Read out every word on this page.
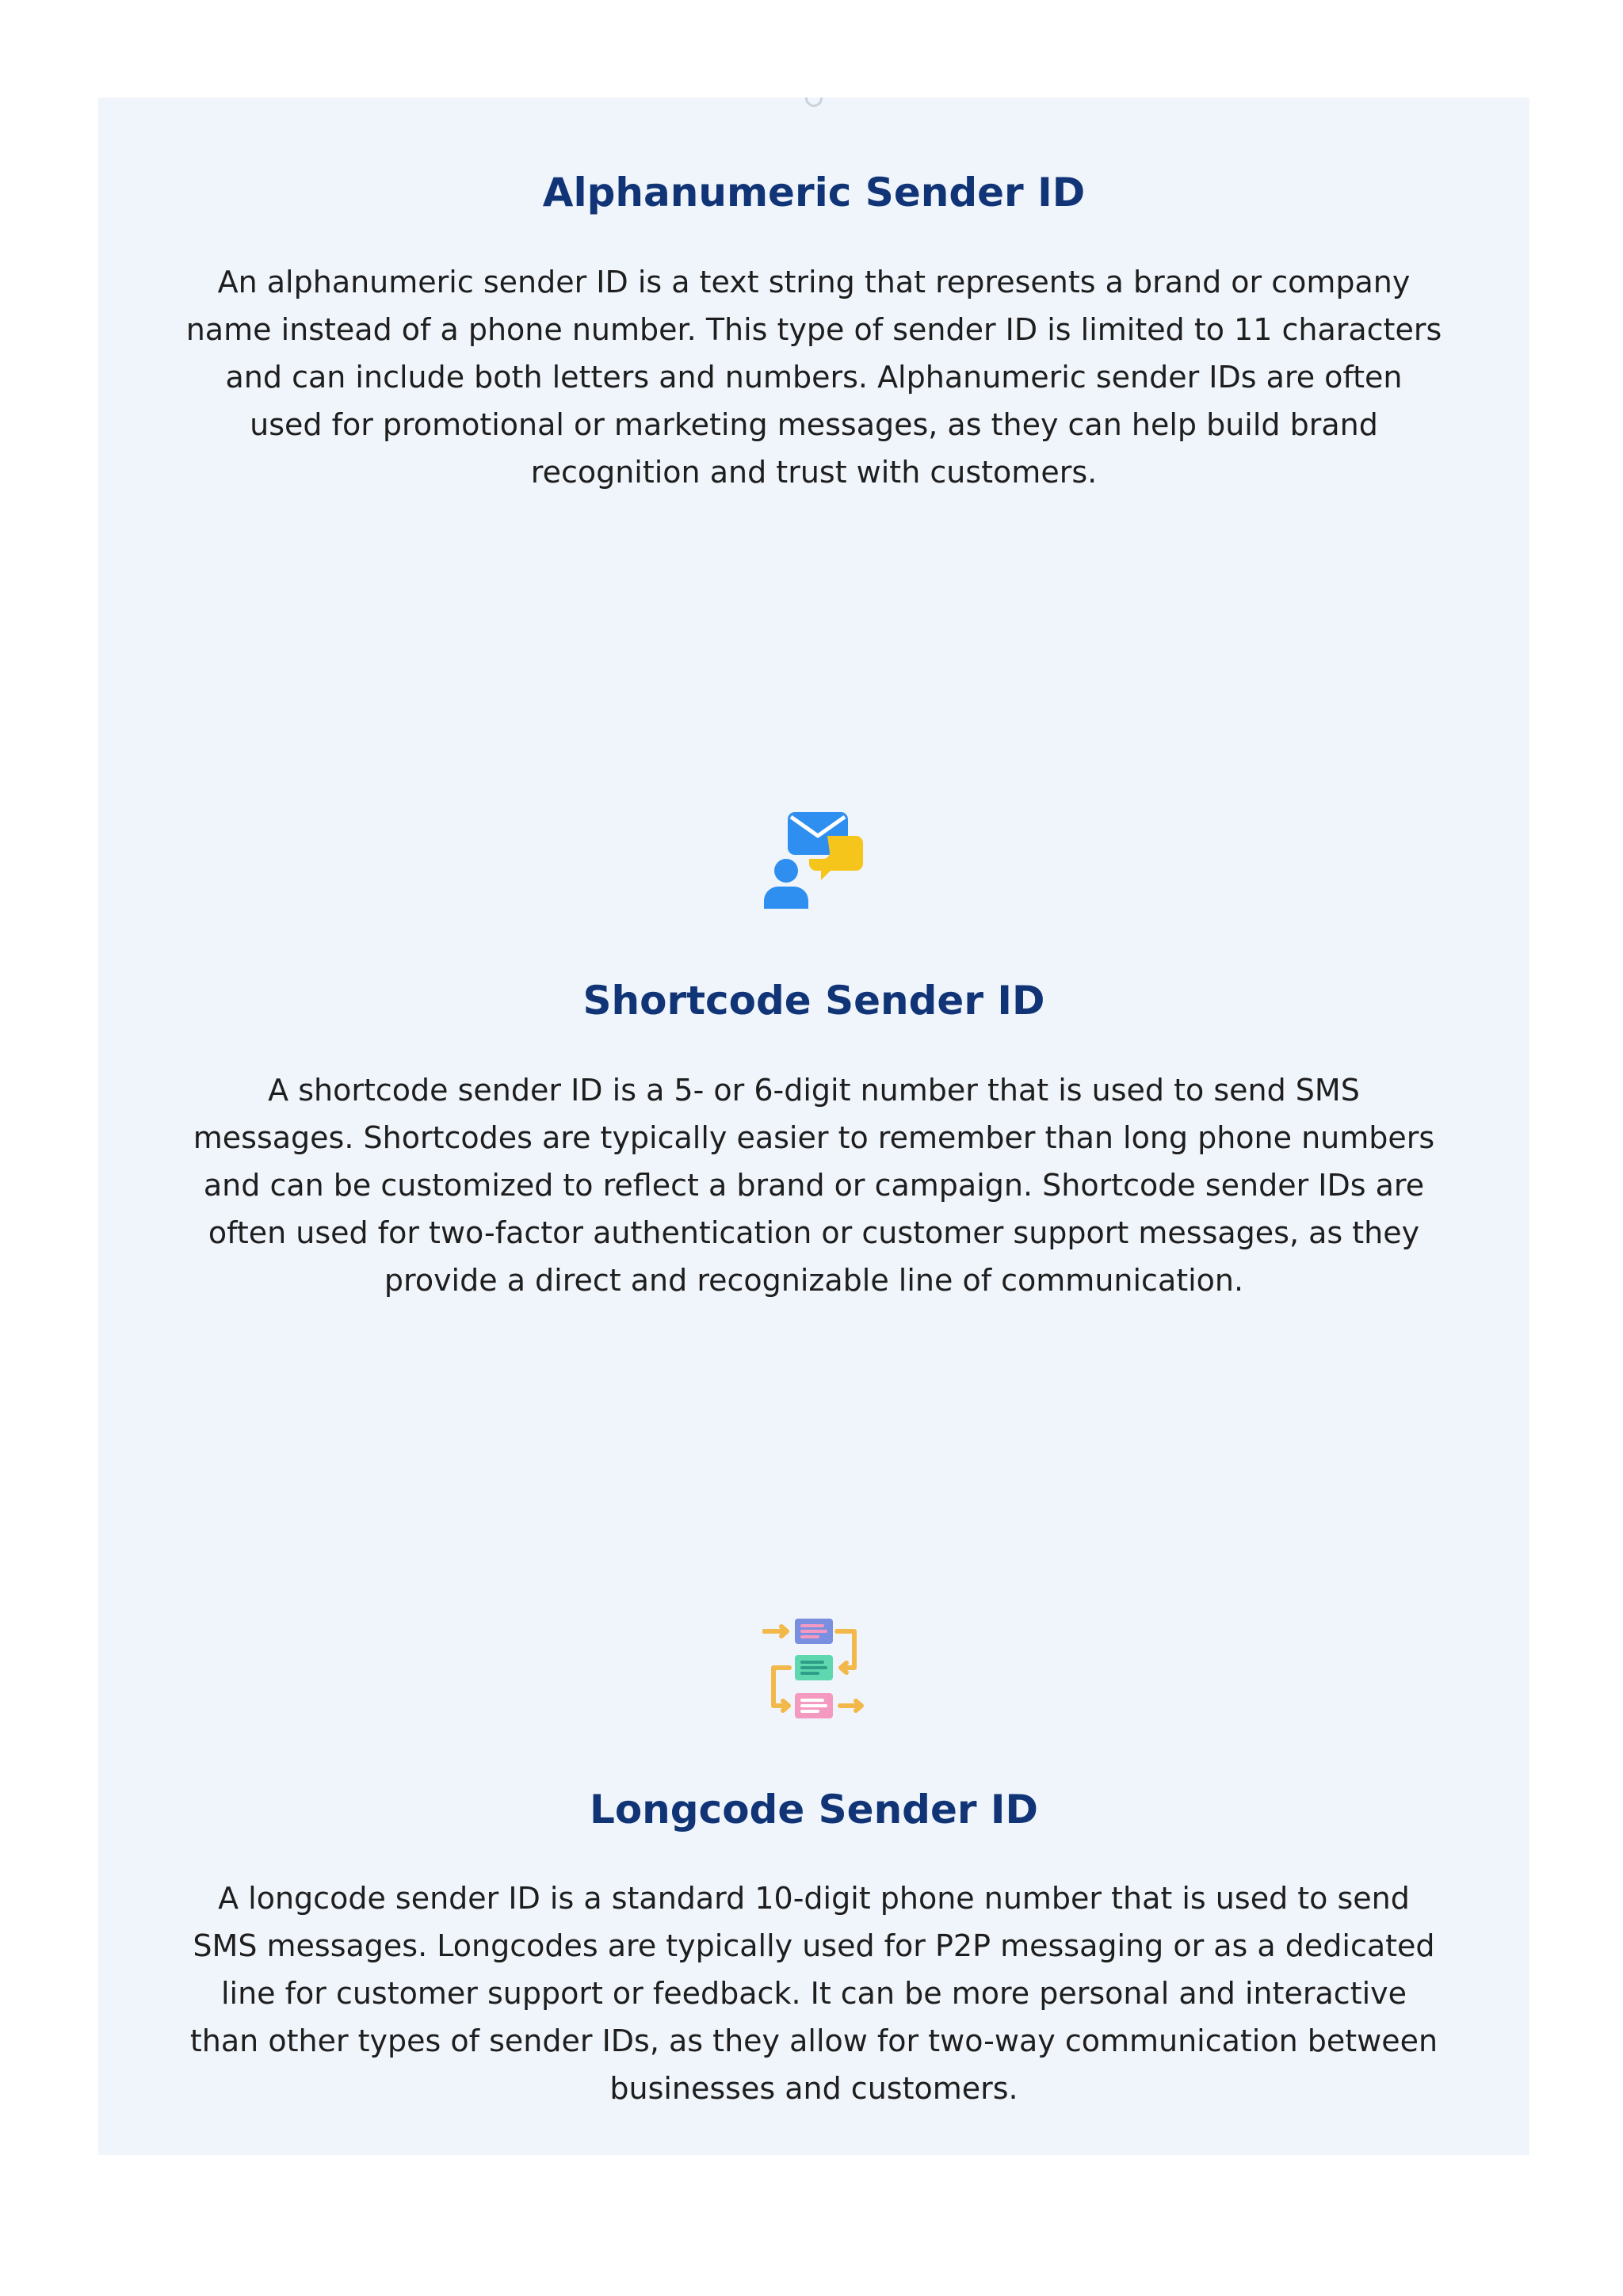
Alphanumeric Sender ID

An alphanumeric sender ID is a text string that represents a brand or company name instead of a phone number. This type of sender ID is limited to 11 characters and can include both letters and numbers. Alphanumeric sender IDs are often used for promotional or marketing messages, as they can help build brand recognition and trust with customers.

Shortcode Sender ID

A shortcode sender ID is a 5- or 6-digit number that is used to send SMS messages. Shortcodes are typically easier to remember than long phone numbers and can be customized to reflect a brand or campaign. Shortcode sender IDs are often used for two-factor authentication or customer support messages, as they provide a direct and recognizable line of communication.

Longcode Sender ID

A longcode sender ID is a standard 10-digit phone number that is used to send SMS messages. Longcodes are typically used for P2P messaging or as a dedicated line for customer support or feedback. It can be more personal and interactive than other types of sender IDs, as they allow for two-way communication between businesses and customers.
